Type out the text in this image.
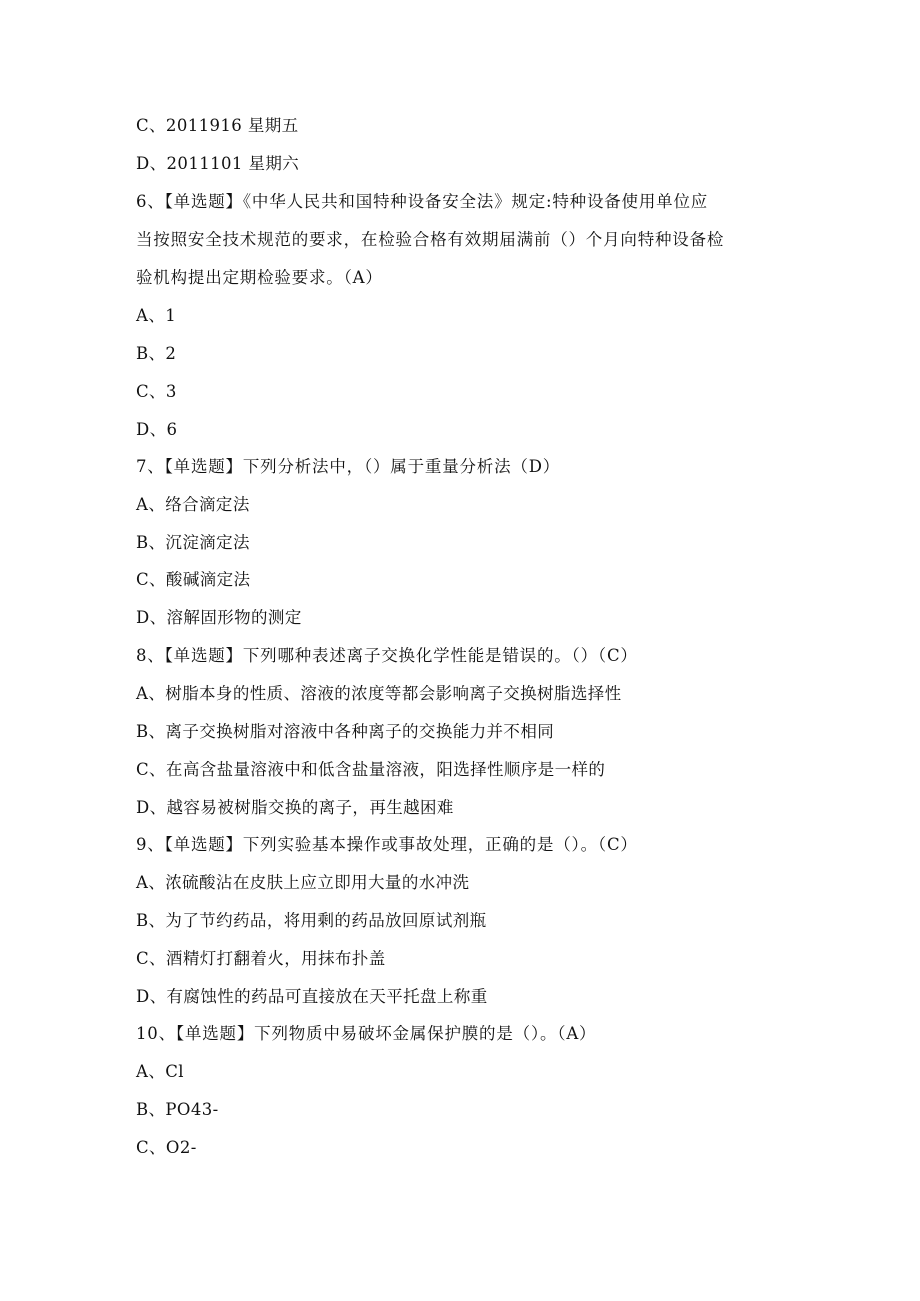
C、2011916 星期五
D、2011101 星期六
6、【单选题】《中华人民共和国特种设备安全法》规定:特种设备使用单位应
当按照安全技术规范的要求，在检验合格有效期届满前（）个月向特种设备检
验机构提出定期检验要求。（A）
A、1
B、2
C、3
D、6
7、【单选题】下列分析法中，（）属于重量分析法（D）
A、络合滴定法
B、沉淀滴定法
C、酸碱滴定法
D、溶解固形物的测定
8、【单选题】下列哪种表述离子交换化学性能是错误的。（）（C）
A、树脂本身的性质、溶液的浓度等都会影响离子交换树脂选择性
B、离子交换树脂对溶液中各种离子的交换能力并不相同
C、在高含盐量溶液中和低含盐量溶液，阳选择性顺序是一样的
D、越容易被树脂交换的离子，再生越困难
9、【单选题】下列实验基本操作或事故处理，正确的是（）。（C）
A、浓硫酸沾在皮肤上应立即用大量的水冲洗
B、为了节约药品，将用剩的药品放回原试剂瓶
C、酒精灯打翻着火，用抹布扑盖
D、有腐蚀性的药品可直接放在天平托盘上称重
10、【单选题】下列物质中易破坏金属保护膜的是（）。（A）
A、Cl
B、PO43-
C、O2-
